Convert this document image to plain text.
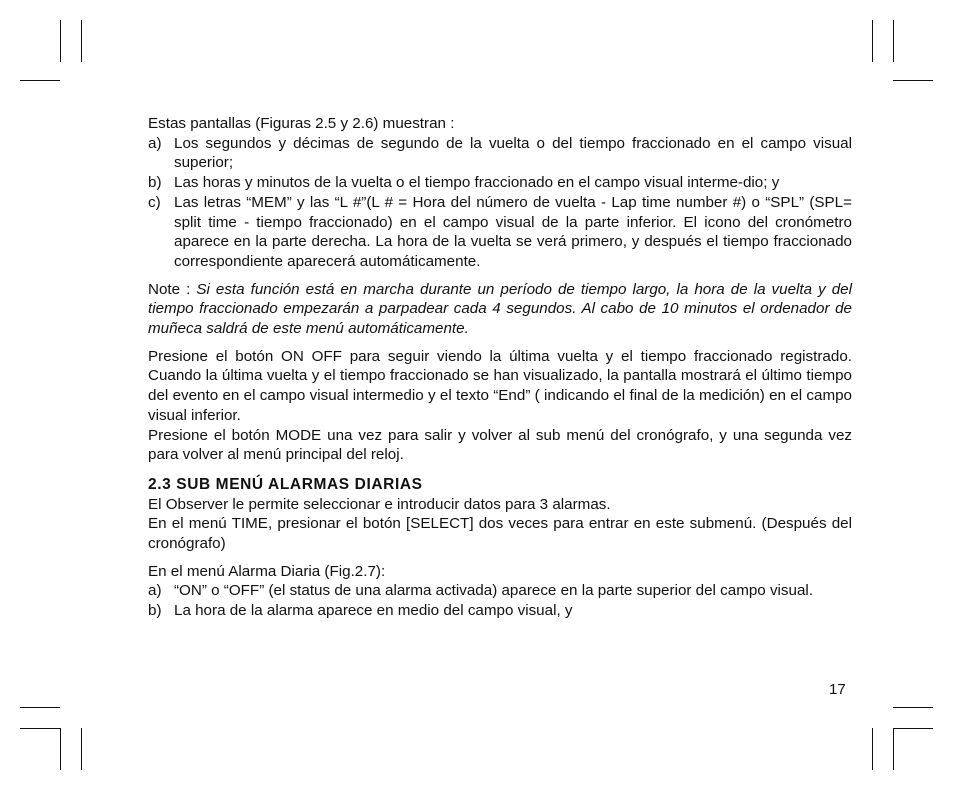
Estas pantallas (Figuras 2.5 y 2.6) muestran :

a) Los segundos y décimas de segundo de la vuelta o del tiempo fraccionado en el campo visual superior;
b) Las horas y minutos de la vuelta o el tiempo fraccionado en el campo visual interme-dio; y
c) Las letras “MEM” y las “L #”(L # = Hora del número de vuelta - Lap time number #) o “SPL” (SPL= split time - tiempo fraccionado) en el campo visual de la parte inferior. El icono del cronómetro aparece en la parte derecha. La hora de la vuelta se verá primero, y después el tiempo fraccionado correspondiente aparecerá automáticamente.

Note : Si esta función está en marcha durante un período de tiempo largo, la hora de la vuelta y del tiempo fraccionado empezarán a parpadear cada 4 segundos. Al cabo de 10 minutos el ordenador de muñeca saldrá de este menú automáticamente.

Presione el botón ON OFF para seguir viendo la última vuelta y el tiempo fraccionado registrado. Cuando la última vuelta y el tiempo fraccionado se han visualizado, la pantalla mostrará el último tiempo del evento en el campo visual intermedio y el texto “End” ( indicando el final de la medición) en el campo visual inferior.

Presione el botón MODE una vez para salir y volver al sub menú del cronógrafo, y una segunda vez para volver al menú principal del reloj.

2.3 SUB MENÚ ALARMAS DIARIAS

El Observer le permite seleccionar e introducir datos para 3 alarmas.

En el menú TIME, presionar el botón [SELECT] dos veces para entrar en este submenú. (Después del cronógrafo)

En el menú Alarma Diaria (Fig.2.7):

a) “ON” o “OFF” (el status de una alarma activada) aparece en la parte superior del campo visual.
b) La hora de la alarma aparece en medio del campo visual, y
17
